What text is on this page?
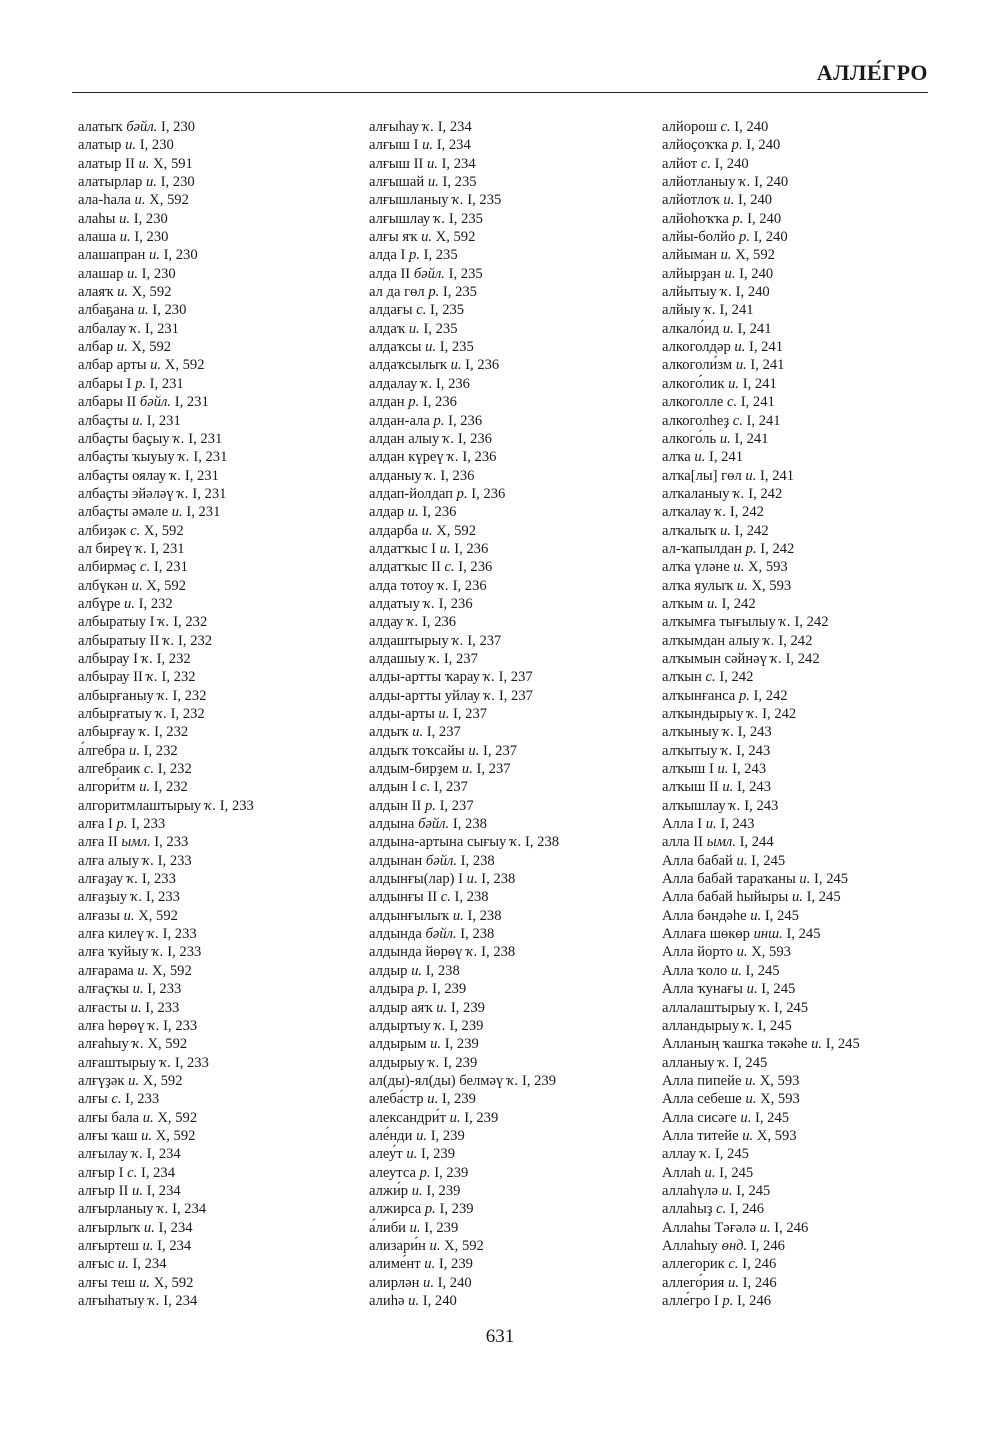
АЛЛЕ́ГРО
алатыҡ бәйл. I, 230
алатыр и. I, 230
алатыр II и. X, 591
алатырлар и. I, 230
ала-һала и. X, 592
алаһы и. I, 230
алаша и. I, 230
алашапран и. I, 230
алашар и. I, 230
алаяҡ и. X, 592
албаҕана и. I, 230
албалау ҡ. I, 231
албар и. X, 592
албар арты и. X, 592
албары I р. I, 231
албары II бәйл. I, 231
албаҫты и. I, 231
албаҫты баҫыу ҡ. I, 231
албаҫты ҡыуыу ҡ. I, 231
албаҫты оялау ҡ. I, 231
албаҫты эйәләү ҡ. I, 231
албаҫты әмәле и. I, 231
албиҙәк с. X, 592
ал биреү ҡ. I, 231
албирмәҫ с. I, 231
албүкән и. X, 592
албүре и. I, 232
албыратыу I ҡ. I, 232
албыратыу II ҡ. I, 232
албырау I ҡ. I, 232
албырау II ҡ. I, 232
албырғаныу ҡ. I, 232
албырғатыу ҡ. I, 232
албырғау ҡ. I, 232
а́лгебра и. I, 232
алгебраик с. I, 232
алгори́тм и. I, 232
алгоритмлаштырыу ҡ. I, 233
алға I р. I, 233
алға II ымл. I, 233
алға алыу ҡ. I, 233
алғаҙау ҡ. I, 233
алғаҙыу ҡ. I, 233
алғазы и. X, 592
алға килеү ҡ. I, 233
алға ҡуйыу ҡ. I, 233
алғарама и. X, 592
алғаҫҡы и. I, 233
алғасты и. I, 233
алға һөрөү ҡ. I, 233
алғаһыу ҡ. X, 592
алғаштырыу ҡ. I, 233
алғүҙәк и. X, 592
алғы с. I, 233
алғы бала и. X, 592
алғы ҡаш и. X, 592
алғылау ҡ. I, 234
алғыр I с. I, 234
алғыр II и. I, 234
алғырланыу ҡ. I, 234
алғырлыҡ и. I, 234
алғыртеш и. I, 234
алғыс и. I, 234
алғы теш и. X, 592
алғыһатыу ҡ. I, 234
алғыһау ҡ. I, 234
алғыш I и. I, 234
алғыш II и. I, 234
алғышай и. I, 235
алғышланыу ҡ. I, 235
алғышлау ҡ. I, 235
алғы яҡ и. X, 592
алда I р. I, 235
алда II бәйл. I, 235
ал да гөл р. I, 235
алдағы с. I, 235
алдаҡ и. I, 235
алдаҡсы и. I, 235
алдаҡсылыҡ и. I, 236
алдалау ҡ. I, 236
алдан р. I, 236
алдан-ала р. I, 236
алдан алыу ҡ. I, 236
алдан күреү ҡ. I, 236
алданыу ҡ. I, 236
алдап-йолдап р. I, 236
алдар и. I, 236
алдарба и. X, 592
алдатҡыс I и. I, 236
алдатҡыс II с. I, 236
алда тотоу ҡ. I, 236
алдатыу ҡ. I, 236
алдау ҡ. I, 236
алдаштырыу ҡ. I, 237
алдашыу ҡ. I, 237
алды-артты ҡарау ҡ. I, 237
алды-артты уйлау ҡ. I, 237
алды-арты и. I, 237
алдыҡ и. I, 237
алдыҡ тоҡсайы и. I, 237
алдым-бирҙем и. I, 237
алдын I с. I, 237
алдын II р. I, 237
алдына бәйл. I, 238
алдына-артына сығыу ҡ. I, 238
алдынан бәйл. I, 238
алдынғы(лар) I и. I, 238
алдынғы II с. I, 238
алдынғылыҡ и. I, 238
алдында бәйл. I, 238
алдында йөрөү ҡ. I, 238
алдыр и. I, 238
алдыра р. I, 239
алдыр аяҡ и. I, 239
алдыртыу ҡ. I, 239
алдырым и. I, 239
алдырыу ҡ. I, 239
ал(ды)-ял(ды) белмәү ҡ. I, 239
алеба́стр и. I, 239
александри́т и. I, 239
але́нди и. I, 239
алеу́т и. I, 239
алеутса р. I, 239
алжи́р и. I, 239
алжирса р. I, 239
а́либи и. I, 239
ализари́н и. X, 592
алиме́нт и. I, 239
алирлән и. I, 240
алиһә и. I, 240
алйорош с. I, 240
алйоҫоҡҡа р. I, 240
алйот с. I, 240
алйотланыу ҡ. I, 240
алйотлоҡ и. I, 240
алйоһоҡҡа р. I, 240
алйы-болйо р. I, 240
алйыман и. X, 592
алйырҙан и. I, 240
алйытыу ҡ. I, 240
алйыу ҡ. I, 241
алкало́ид и. I, 241
алкоголдәр и. I, 241
алкоголи́зм и. I, 241
алкого́лик и. I, 241
алкоголле с. I, 241
алкоголһеҙ с. I, 241
алкого́ль и. I, 241
алҡа и. I, 241
алҡа[лы] гөл и. I, 241
алҡаланыу ҡ. I, 242
алҡалау ҡ. I, 242
алҡалыҡ и. I, 242
ал-ҡапылдан р. I, 242
алҡа үләне и. X, 593
алҡа яулыҡ и. X, 593
алҡым и. I, 242
алҡымға тығылыу ҡ. I, 242
алҡымдан алыу ҡ. I, 242
алҡымын сәйнәү ҡ. I, 242
алҡын с. I, 242
алҡынғанса р. I, 242
алҡындырыу ҡ. I, 242
алҡыныу ҡ. I, 243
алҡытыу ҡ. I, 243
алҡыш I и. I, 243
алҡыш II и. I, 243
алҡышлау ҡ. I, 243
Алла I и. I, 243
алла II ымл. I, 244
Алла бабай и. I, 245
Алла бабай тараҡаны и. I, 245
Алла бабай һыйыры и. I, 245
Алла бәндәһе и. I, 245
Аллаға шөкөр инш. I, 245
Алла йорто и. X, 593
Алла ҡоло и. I, 245
Алла ҡунағы и. I, 245
аллалаштырыу ҡ. I, 245
алландырыу ҡ. I, 245
Алланың ҡашҡа тәкәһе и. I, 245
алланыу ҡ. I, 245
Алла пипейе и. X, 593
Алла себеше и. X, 593
Алла сисәге и. I, 245
Алла титейе и. X, 593
аллау ҡ. I, 245
Аллаһ и. I, 245
аллаһүлә и. I, 245
аллаһыҙ с. I, 246
Аллаһы Тәғәлә и. I, 246
Аллаһыу өнд. I, 246
аллегорик с. I, 246
аллего́рия и. I, 246
алле́гро I р. I, 246
631
